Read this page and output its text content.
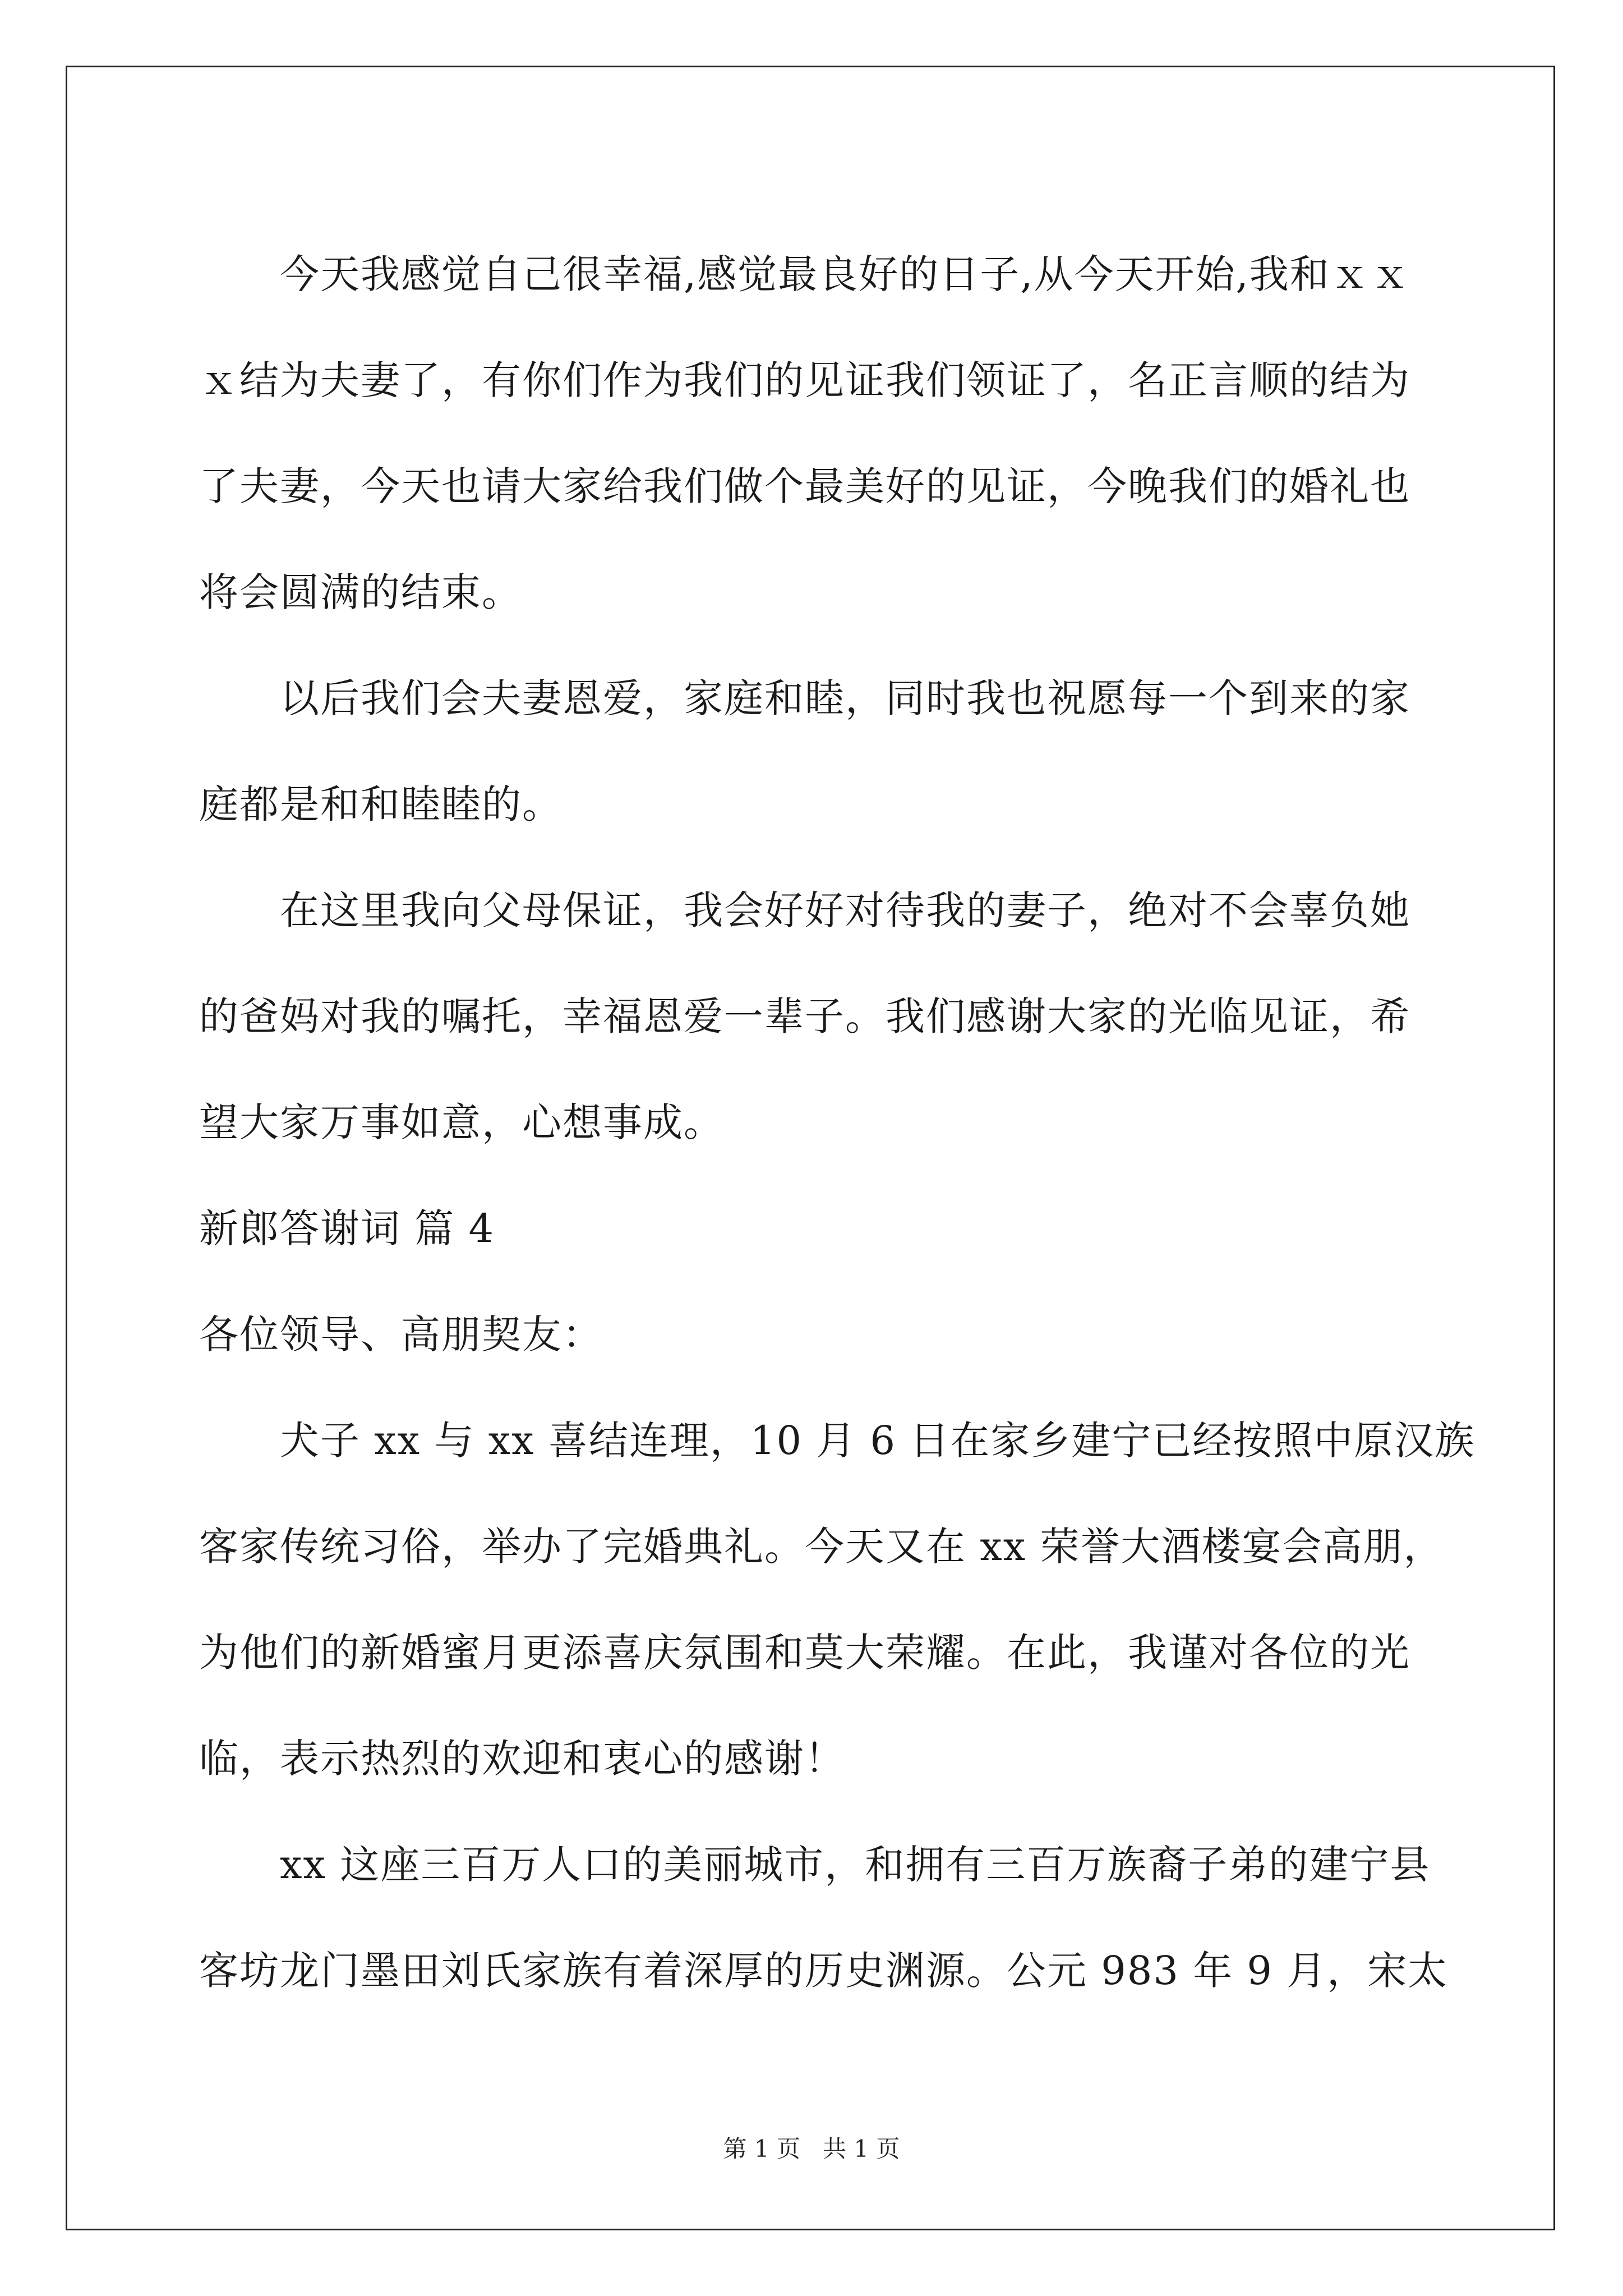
今天我感觉自己很幸福,感觉最良好的日子,从今天开始,我和ｘｘ
ｘ结为夫妻了，有你们作为我们的见证我们领证了，名正言顺的结为
了夫妻，今天也请大家给我们做个最美好的见证，今晚我们的婚礼也
将会圆满的结束。

以后我们会夫妻恩爱，家庭和睦，同时我也祝愿每一个到来的家
庭都是和和睦睦的。

在这里我向父母保证，我会好好对待我的妻子，绝对不会辜负她
的爸妈对我的嘱托，幸福恩爱一辈子。我们感谢大家的光临见证，希
望大家万事如意，心想事成。

新郎答谢词 篇 4

各位领导、高朋契友：

犬子 xx 与 xx 喜结连理，10 月 6 日在家乡建宁已经按照中原汉族
客家传统习俗，举办了完婚典礼。今天又在 xx 荣誉大酒楼宴会高朋，
为他们的新婚蜜月更添喜庆氛围和莫大荣耀。在此，我谨对各位的光
临，表示热烈的欢迎和衷心的感谢！

xx 这座三百万人口的美丽城市，和拥有三百万族裔子弟的建宁县
客坊龙门墨田刘氏家族有着深厚的历史渊源。公元 983 年 9 月，宋太

第 1 页 共 1 页
